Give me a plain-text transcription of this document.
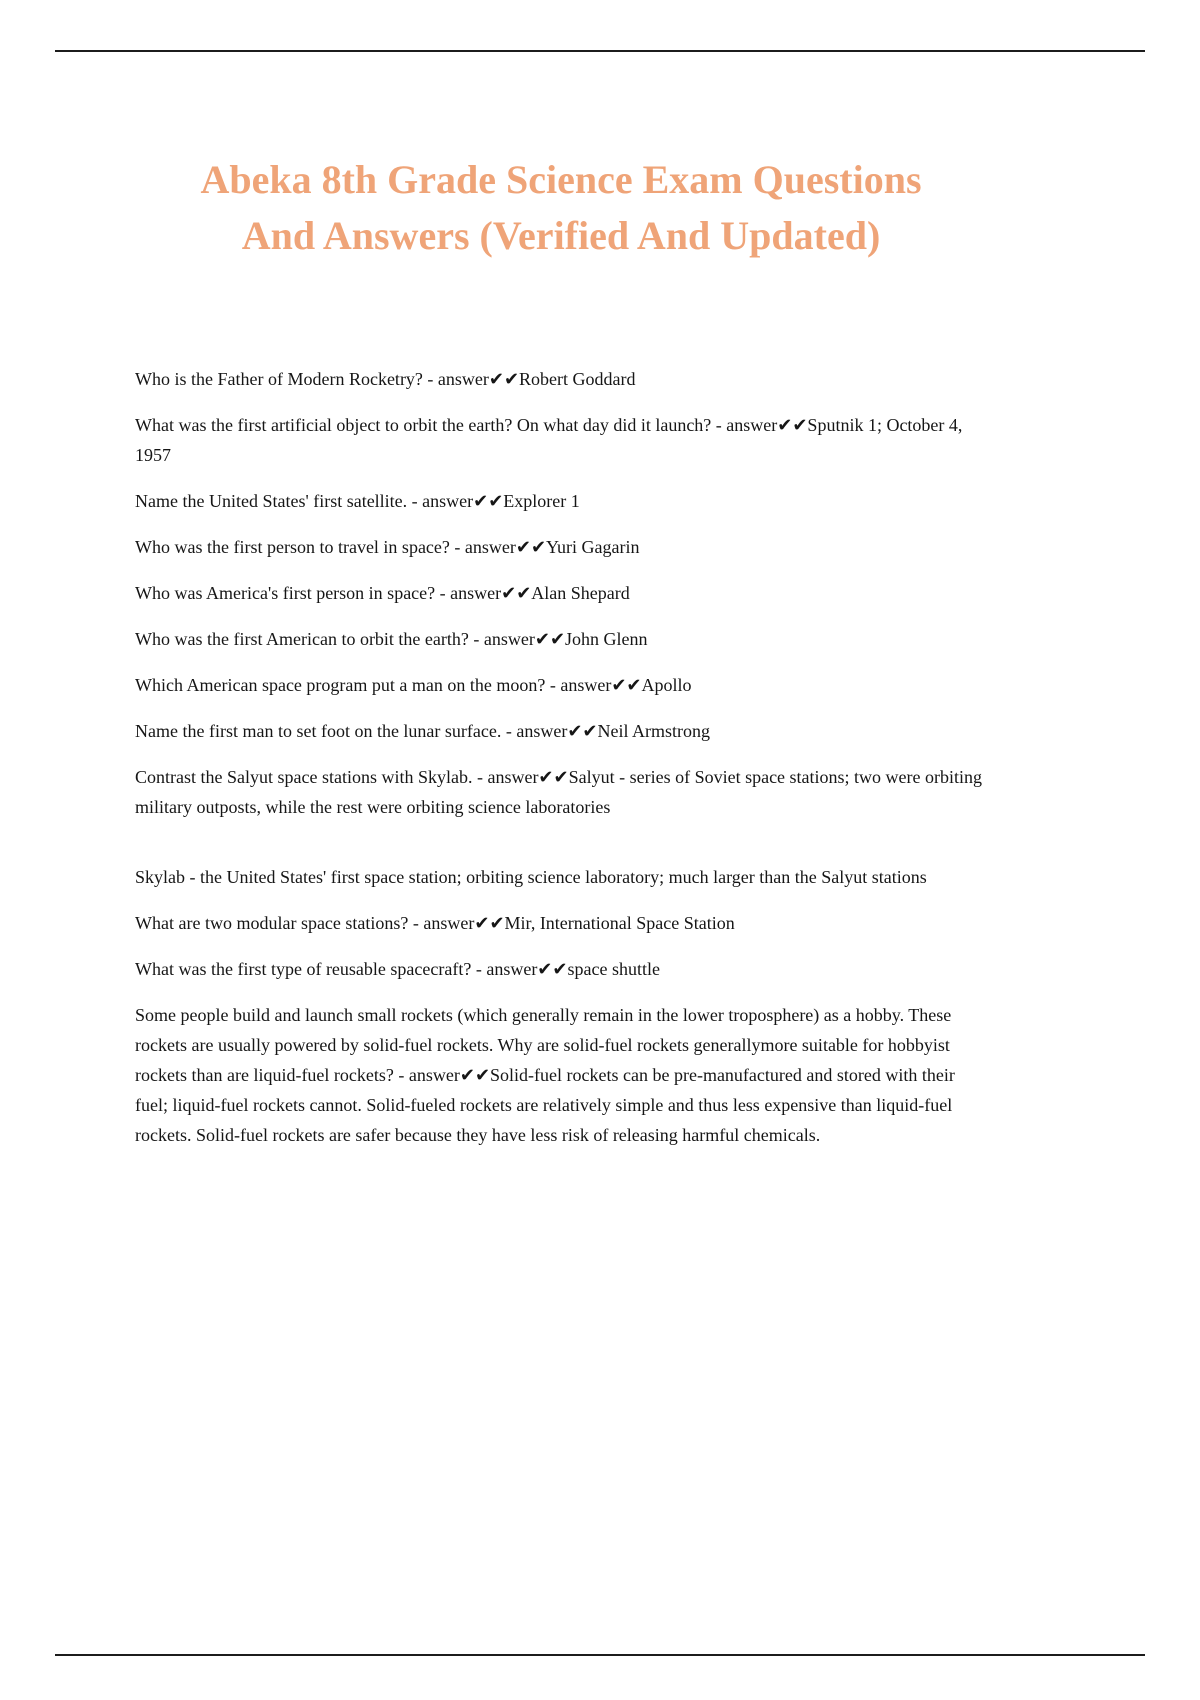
Abeka 8th Grade Science Exam Questions
And Answers (Verified And Updated)

Who is the Father of Modern Rocketry? - answer✔✔Robert Goddard

What was the first artificial object to orbit the earth? On what day did it launch? - answer✔✔Sputnik 1; October 4, 1957

Name the United States' first satellite. - answer✔✔Explorer 1

Who was the first person to travel in space? - answer✔✔Yuri Gagarin

Who was America's first person in space? - answer✔✔Alan Shepard

Who was the first American to orbit the earth? - answer✔✔John Glenn

Which American space program put a man on the moon? - answer✔✔Apollo

Name the first man to set foot on the lunar surface. - answer✔✔Neil Armstrong

Contrast the Salyut space stations with Skylab. - answer✔✔Salyut - series of Soviet space stations; two were orbiting military outposts, while the rest were orbiting science laboratories

Skylab - the United States' first space station; orbiting science laboratory; much larger than the Salyut stations

What are two modular space stations? - answer✔✔Mir, International Space Station

What was the first type of reusable spacecraft? - answer✔✔space shuttle

Some people build and launch small rockets (which generally remain in the lower troposphere) as a hobby. These rockets are usually powered by solid-fuel rockets. Why are solid-fuel rockets generallymore suitable for hobbyist rockets than are liquid-fuel rockets? - answer✔✔Solid-fuel rockets can be pre-manufactured and stored with their fuel; liquid-fuel rockets cannot. Solid-fueled rockets are relatively simple and thus less expensive than liquid-fuel rockets. Solid-fuel rockets are safer because they have less risk of releasing harmful chemicals.
